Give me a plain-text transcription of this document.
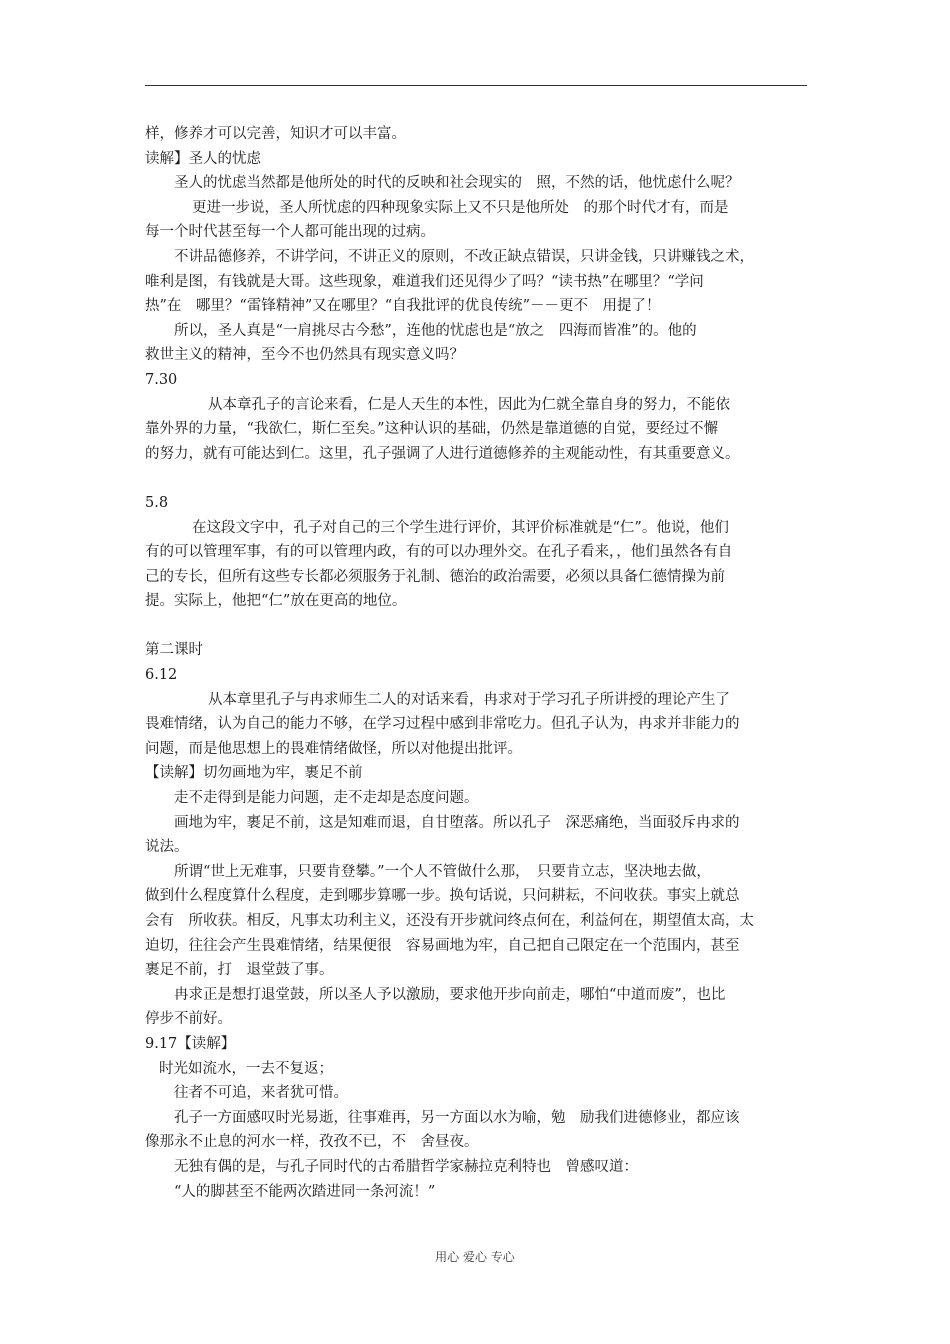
样，修养才可以完善，知识才可以丰富。
读解】圣人的忧虑
圣人的忧虑当然都是他所处的时代的反映和社会现实的　照，不然的话，他忧虑什么呢？
更进一步说，圣人所忧虑的四种现象实际上又不只是他所处　的那个时代才有，而是
每一个时代甚至每一个人都可能出现的过病。
不讲品德修养，不讲学问，不讲正义的原则，不改正缺点错误，只讲金钱，只讲赚钱之术，
唯利是图，有钱就是大哥。这些现象，难道我们还见得少了吗？“读书热”在哪里？“学问
热”在　哪里？“雷锋精神”又在哪里？“自我批评的优良传统”－－更不　用提了！
所以，圣人真是“一肩挑尽古今愁”，连他的忧虑也是“放之　四海而皆准”的。他的
救世主义的精神，至今不也仍然具有现实意义吗？
7.30
从本章孔子的言论来看，仁是人天生的本性，因此为仁就全靠自身的努力，不能依
靠外界的力量，“我欲仁，斯仁至矣。”这种认识的基础，仍然是靠道德的自觉，要经过不懈
的努力，就有可能达到仁。这里，孔子强调了人进行道德修养的主观能动性，有其重要意义。
5.8
在这段文字中，孔子对自己的三个学生进行评价，其评价标准就是“仁”。他说，他们
有的可以管理军事，有的可以管理内政，有的可以办理外交。在孔子看来，，他们虽然各有自
己的专长，但所有这些专长都必须服务于礼制、德治的政治需要，必须以具备仁德情操为前
提。实际上，他把“仁”放在更高的地位。
第二课时
6.12
从本章里孔子与冉求师生二人的对话来看，冉求对于学习孔子所讲授的理论产生了
畏难情绪，认为自己的能力不够，在学习过程中感到非常吃力。但孔子认为，冉求并非能力的
问题，而是他思想上的畏难情绪做怪，所以对他提出批评。
【读解】切勿画地为牢，裹足不前
走不走得到是能力问题，走不走却是态度问题。
画地为牢，裹足不前，这是知难而退，自甘堕落。所以孔子　深恶痛绝，当面驳斥冉求的
说法。
所谓“世上无难事，只要肯登攀。”一个人不管做什么那，　只要肯立志，坚决地去做，
做到什么程度算什么程度，走到哪步算哪一步。换句话说，只问耕耘，不问收获。事实上就总
会有　所收获。相反，凡事太功利主义，还没有开步就问终点何在，利益何在，期望值太高，太
迫切，往往会产生畏难情绪，结果便很　容易画地为牢，自己把自己限定在一个范围内，甚至
裹足不前，打　退堂鼓了事。
冉求正是想打退堂鼓，所以圣人予以激励，要求他开步向前走，哪怕“中道而废”，也比
停步不前好。
9.17【读解】
时光如流水，一去不复返；
往者不可追，来者犹可惜。
孔子一方面感叹时光易逝，往事难再，另一方面以水为喻，勉　励我们进德修业，都应该
像那永不止息的河水一样，孜孜不已，不　舍昼夜。
无独有偶的是，与孔子同时代的古希腊哲学家赫拉克利特也　曾感叹道：
“人的脚甚至不能两次踏进同一条河流！”
用心 爱心 专心
